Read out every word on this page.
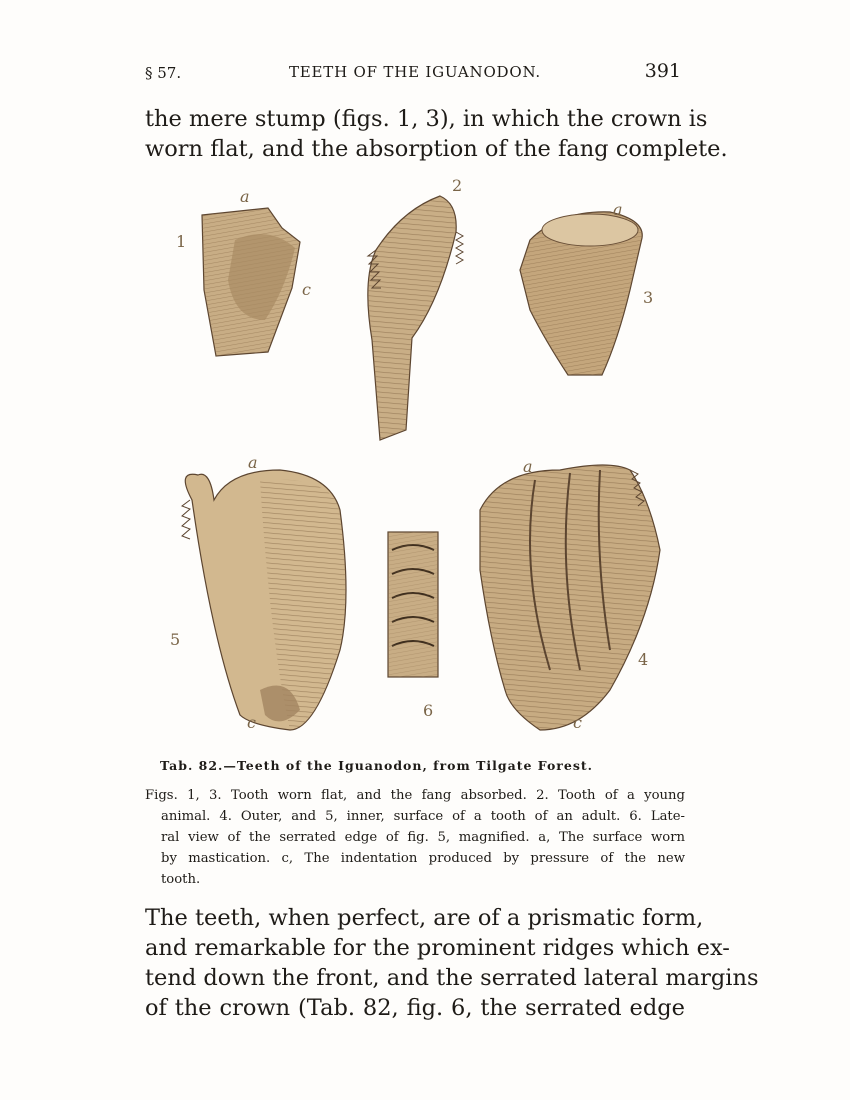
§ 57.	TEETH OF THE IGUANODON.	391
the mere stump (figs. 1, 3), in which the crown is
worn flat, and the absorption of the fang complete.
1
2
3
5
6
4
a
c
a
a
c
a
c
Tab. 82.—Teeth of the Iguanodon, from Tilgate Forest.
Figs. 1, 3. Tooth worn flat, and the fang absorbed. 2. Tooth of a young
animal. 4. Outer, and 5, inner, surface of a tooth of an adult. 6. Late-
ral view of the serrated edge of fig. 5, magnified. a, The surface worn
by mastication. c, The indentation produced by pressure of the new
tooth.
The teeth, when perfect, are of a prismatic form,
and remarkable for the prominent ridges which ex-
tend down the front, and the serrated lateral margins
of the crown (Tab. 82, fig. 6, the serrated edge
